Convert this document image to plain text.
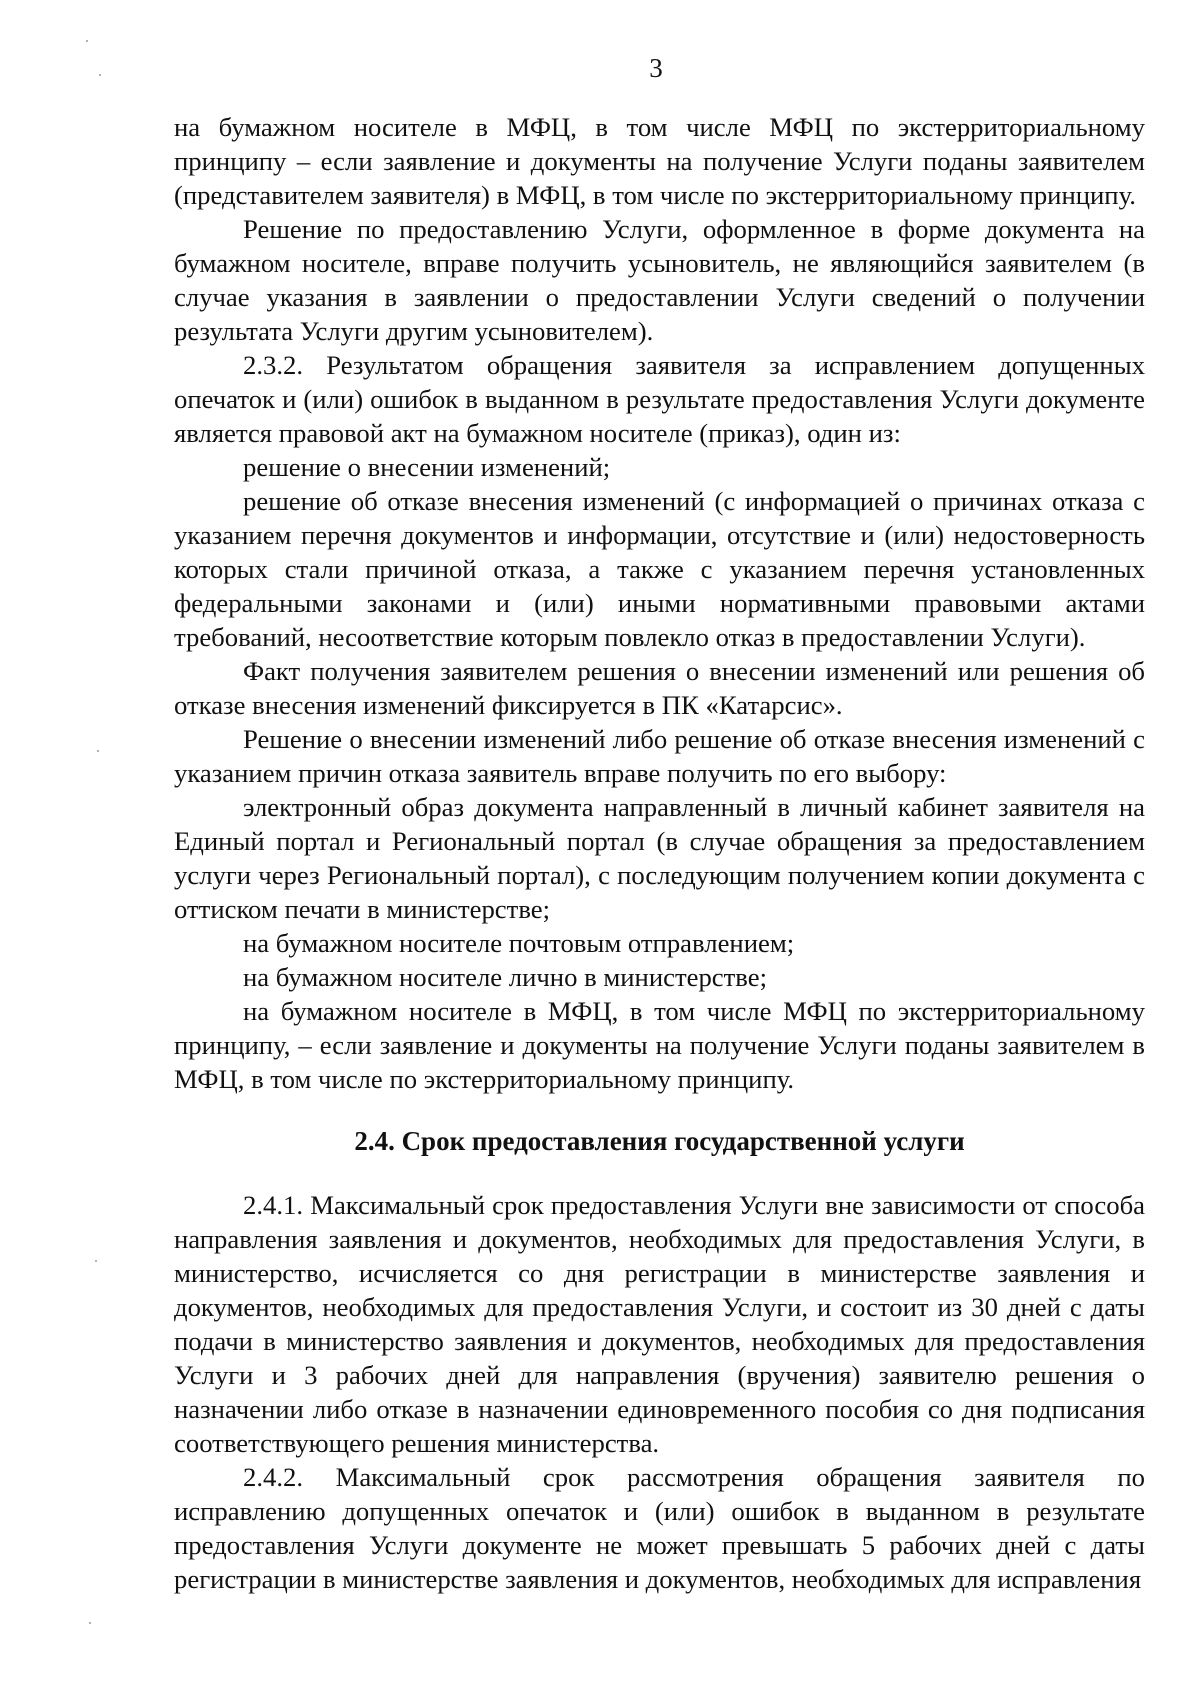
3

на бумажном носителе в МФЦ, в том числе МФЦ по экстерриториальному принципу – если заявление и документы на получение Услуги поданы заявителем (представителем заявителя) в МФЦ, в том числе по экстерриториальному принципу.

Решение по предоставлению Услуги, оформленное в форме документа на бумажном носителе, вправе получить усыновитель, не являющийся заявителем (в случае указания в заявлении о предоставлении Услуги сведений о получении результата Услуги другим усыновителем).

2.3.2. Результатом обращения заявителя за исправлением допущенных опечаток и (или) ошибок в выданном в результате предоставления Услуги документе является правовой акт на бумажном носителе (приказ), один из:

решение о внесении изменений;

решение об отказе внесения изменений (с информацией о причинах отказа с указанием перечня документов и информации, отсутствие и (или) недостоверность которых стали причиной отказа, а также с указанием перечня установленных федеральными законами и (или) иными нормативными правовыми актами требований, несоответствие которым повлекло отказ в предоставлении Услуги).

Факт получения заявителем решения о внесении изменений или решения об отказе внесения изменений фиксируется в ПК «Катарсис».

Решение о внесении изменений либо решение об отказе внесения изменений с указанием причин отказа заявитель вправе получить по его выбору:

электронный образ документа направленный в личный кабинет заявителя на Единый портал и Региональный портал (в случае обращения за предоставлением услуги через Региональный портал), с последующим получением копии документа с оттиском печати в министерстве;

на бумажном носителе почтовым отправлением;

на бумажном носителе лично в министерстве;

на бумажном носителе в МФЦ, в том числе МФЦ по экстерриториальному принципу, – если заявление и документы на получение Услуги поданы заявителем в МФЦ, в том числе по экстерриториальному принципу.

2.4. Срок предоставления государственной услуги

2.4.1. Максимальный срок предоставления Услуги вне зависимости от способа направления заявления и документов, необходимых для предоставления Услуги, в министерство, исчисляется со дня регистрации в министерстве заявления и документов, необходимых для предоставления Услуги, и состоит из 30 дней с даты подачи в министерство заявления и документов, необходимых для предоставления Услуги и 3 рабочих дней для направления (вручения) заявителю решения о назначении либо отказе в назначении единовременного пособия со дня подписания соответствующего решения министерства.

2.4.2. Максимальный срок рассмотрения обращения заявителя по исправлению допущенных опечаток и (или) ошибок в выданном в результате предоставления Услуги документе не может превышать 5 рабочих дней с даты регистрации в министерстве заявления и документов, необходимых для исправления
